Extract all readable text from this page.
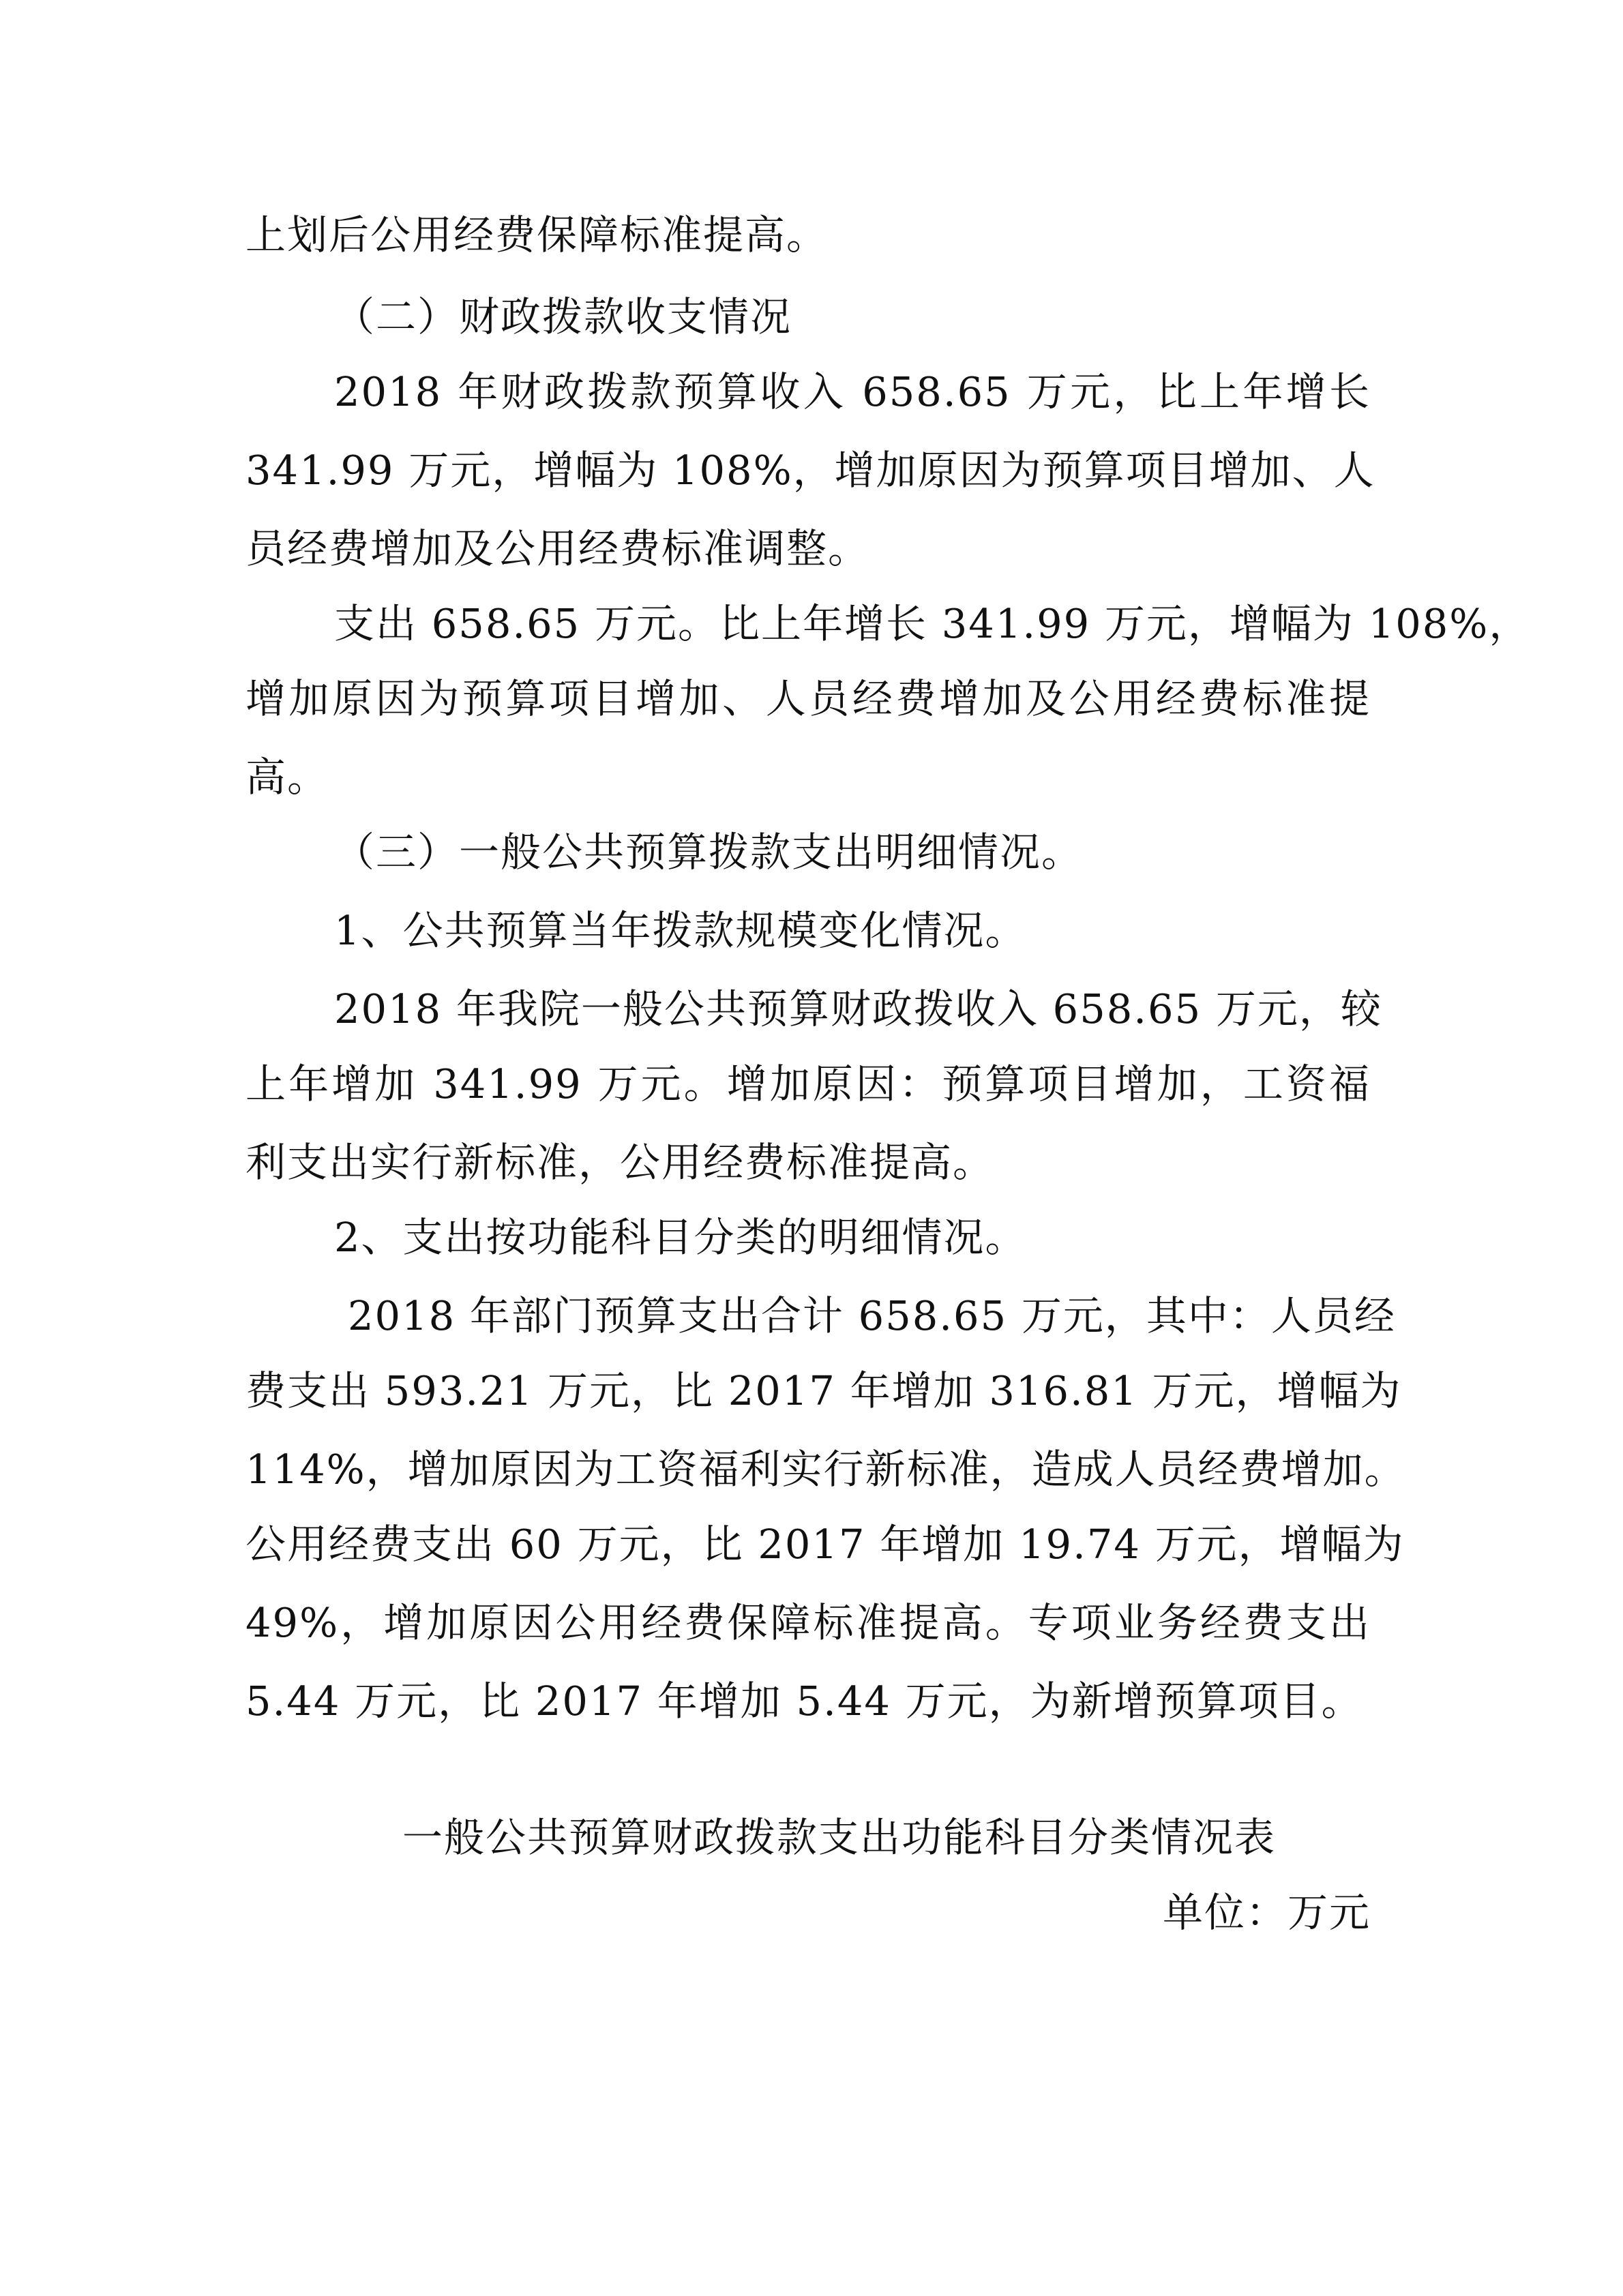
上划后公用经费保障标准提高。
（二）财政拨款收支情况
2018 年财政拨款预算收入 658.65 万元，比上年增长
341.99 万元，增幅为 108%，增加原因为预算项目增加、人
员经费增加及公用经费标准调整。
支出 658.65 万元。比上年增长 341.99 万元，增幅为 108%，
增加原因为预算项目增加、人员经费增加及公用经费标准提
高。
（三）一般公共预算拨款支出明细情况。
1、公共预算当年拨款规模变化情况。
2018 年我院一般公共预算财政拨收入 658.65 万元，较
上年增加 341.99 万元。增加原因：预算项目增加，工资福
利支出实行新标准，公用经费标准提高。
2、支出按功能科目分类的明细情况。
2018 年部门预算支出合计 658.65 万元，其中：人员经
费支出 593.21 万元，比 2017 年增加 316.81 万元，增幅为
114%，增加原因为工资福利实行新标准，造成人员经费增加。
公用经费支出 60 万元，比 2017 年增加 19.74 万元，增幅为
49%，增加原因公用经费保障标准提高。专项业务经费支出
5.44 万元，比 2017 年增加 5.44 万元，为新增预算项目。
一般公共预算财政拨款支出功能科目分类情况表
单位：万元
